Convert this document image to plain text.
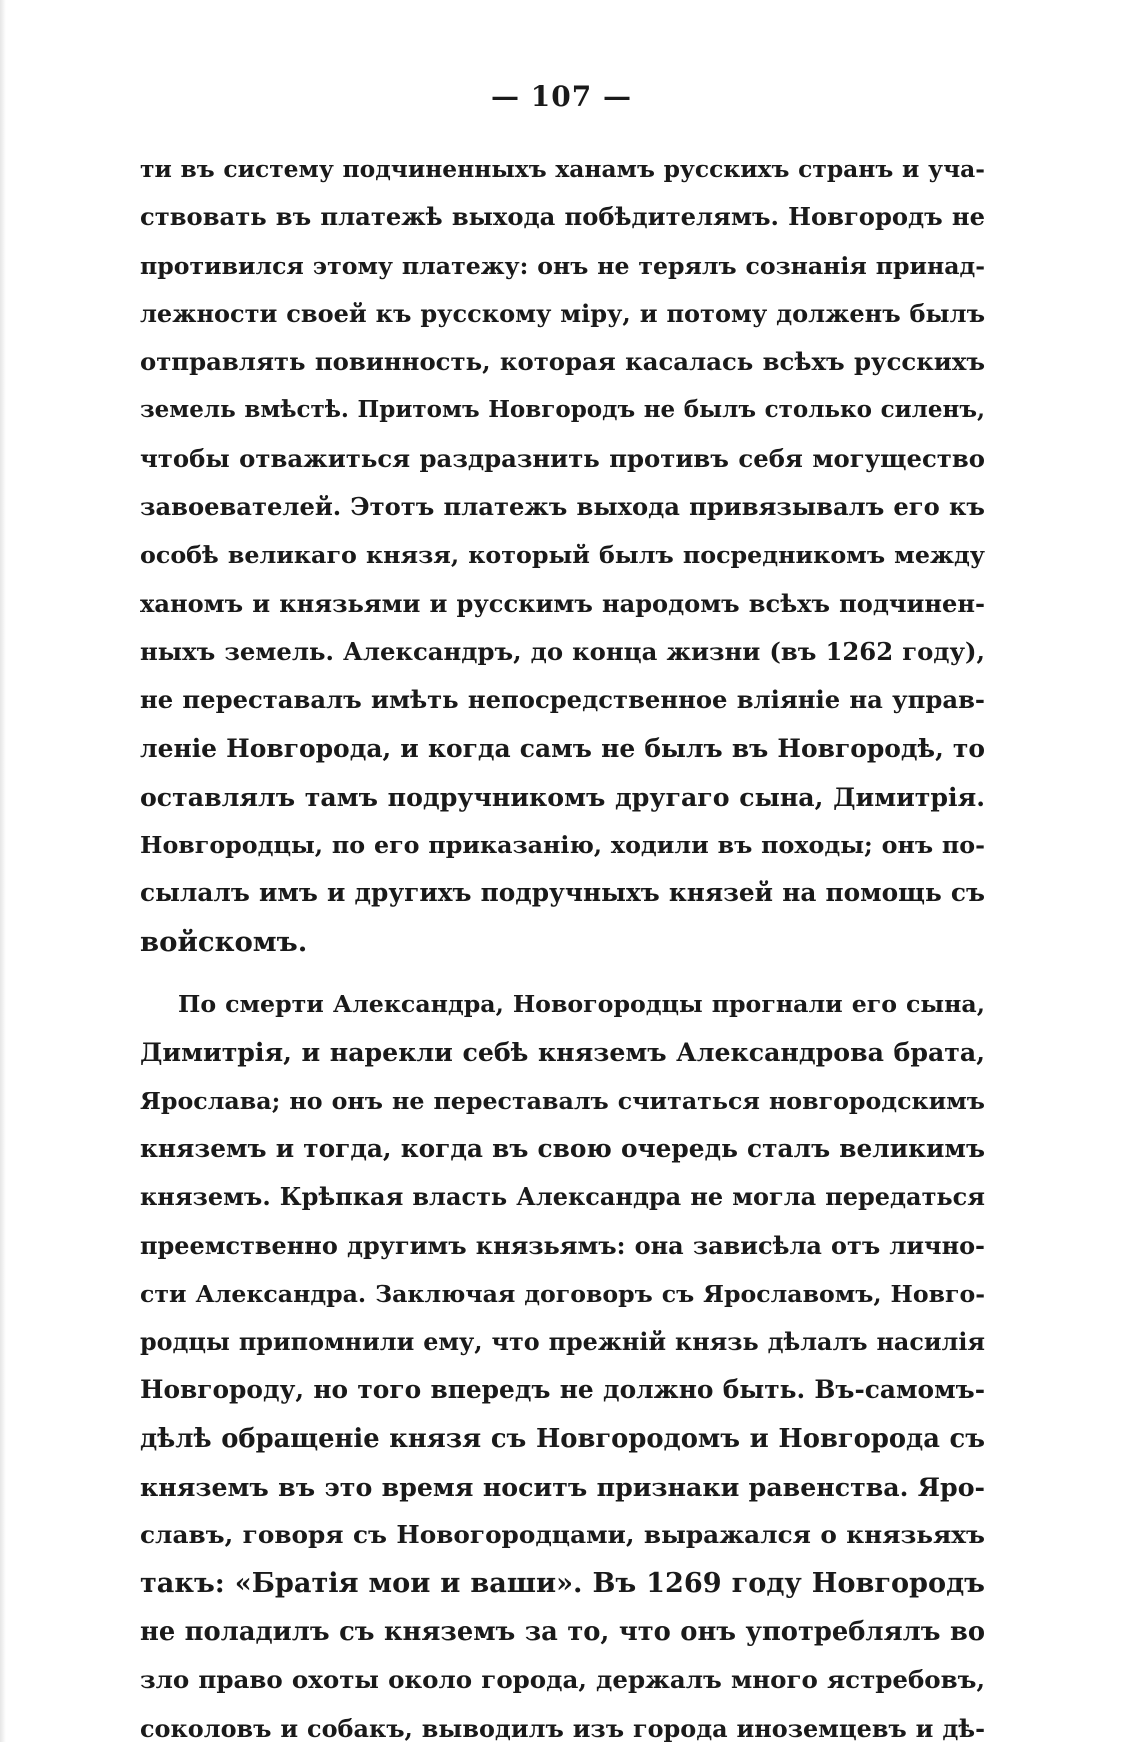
— 107 —
ти въ систему подчиненныхъ ханамъ русскихъ странъ и уча-
ствовать въ платежѣ выхода побѣдителямъ. Новгородъ не
противился этому платежу: онъ не терялъ сознанія принад-
лежности своей къ русскому міру, и потому долженъ былъ
отправлять повинность, которая касалась всѣхъ русскихъ
земель вмѣстѣ. Притомъ Новгородъ не былъ столько силенъ,
чтобы отважиться раздразнить противъ себя могущество
завоевателей. Этотъ платежъ выхода привязывалъ его къ
особѣ великаго князя, который былъ посредникомъ между
ханомъ и князьями и русскимъ народомъ всѣхъ подчинен-
ныхъ земель. Александръ, до конца жизни (въ 1262 году),
не переставалъ имѣть непосредственное вліяніе на управ-
леніе Новгорода, и когда самъ не былъ въ Новгородѣ, то
оставлялъ тамъ подручникомъ другаго сына, Димитрія.
Новгородцы, по его приказанію, ходили въ походы; онъ по-
сылалъ имъ и другихъ подручныхъ князей на помощь съ
войскомъ.
По смерти Александра, Новогородцы прогнали его сына,
Димитрія, и нарекли себѣ княземъ Александрова брата,
Ярослава; но онъ не переставалъ считаться новгородскимъ
княземъ и тогда, когда въ свою очередь сталъ великимъ
княземъ. Крѣпкая власть Александра не могла передаться
преемственно другимъ князьямъ: она зависѣла отъ лично-
сти Александра. Заключая договоръ съ Ярославомъ, Новго-
родцы припомнили ему, что прежній князь дѣлалъ насилія
Новгороду, но того впередъ не должно быть. Въ-самомъ-
дѣлѣ обращеніе князя съ Новгородомъ и Новгорода съ
княземъ въ это время носитъ признаки равенства. Яро-
славъ, говоря съ Новогородцами, выражался о князьяхъ
такъ: «Братія мои и ваши». Въ 1269 году Новгородъ
не поладилъ съ княземъ за то, что онъ употреблялъ во
зло право охоты около города, держалъ много ястребовъ,
соколовъ и собакъ, выводилъ изъ города иноземцевъ и дѣ-
